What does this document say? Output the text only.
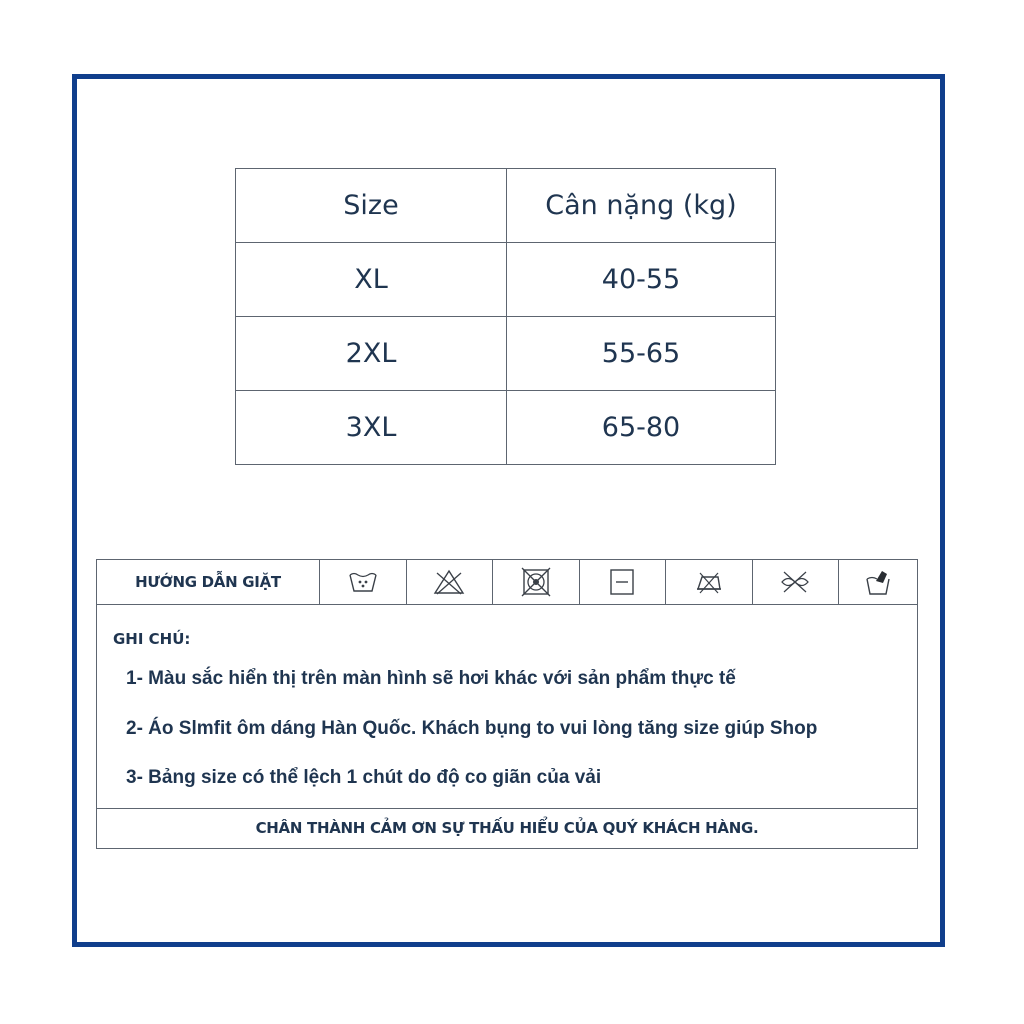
Size	Cân nặng (kg)
XL	40-55
2XL	55-65
3XL	65-80
HƯỚNG DẪN GIẶT
GHI CHÚ:
1- Màu sắc hiển thị trên màn hình sẽ hơi khác với sản phẩm thực tế
2- Áo Slmfit ôm dáng Hàn Quốc. Khách bụng to vui lòng tăng size giúp Shop
3- Bảng size có thể lệch 1 chút do độ co giãn của vải
CHÂN THÀNH CẢM ƠN SỰ THẤU HIỂU CỦA QUÝ KHÁCH HÀNG.
